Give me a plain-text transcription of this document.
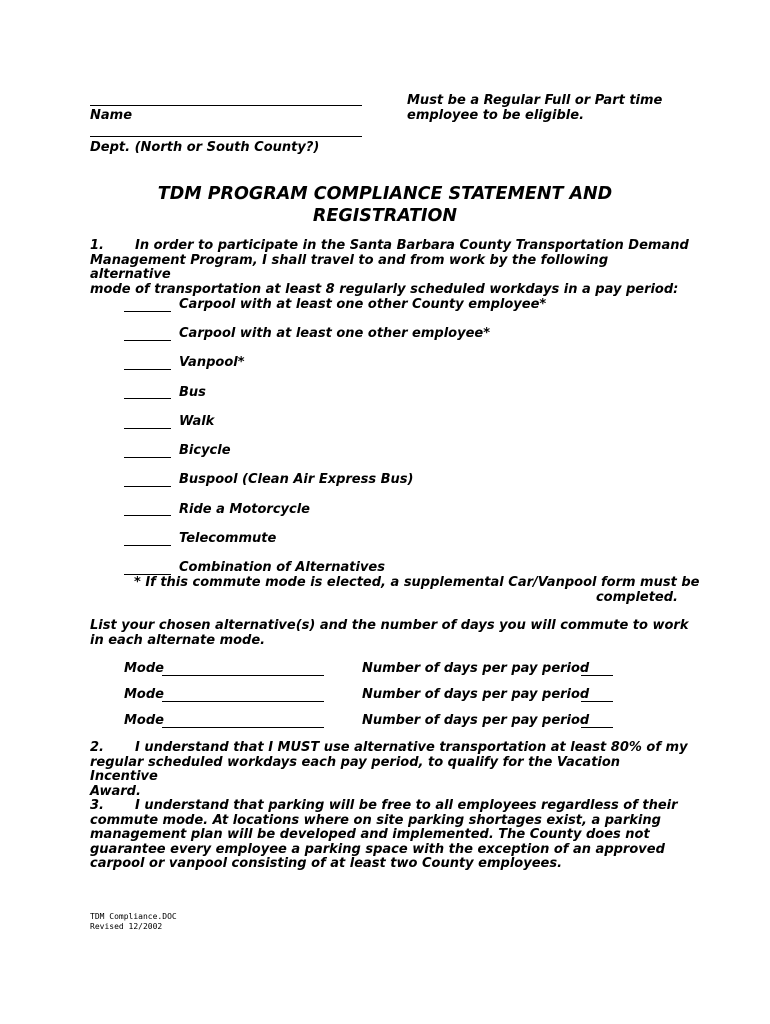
Name
Dept. (North or South County?)
Must be a Regular Full or Part time
employee to be eligible.
TDM PROGRAM COMPLIANCE STATEMENT AND
REGISTRATION
1. In order to participate in the Santa Barbara County Transportation Demand
Management Program, I shall travel to and from work by the following alternative
mode of transportation at least 8 regularly scheduled workdays in a pay period:
Carpool with at least one other County employee*
Carpool with at least one other employee*
Vanpool*
Bus
Walk
Bicycle
Buspool (Clean Air Express Bus)
Ride a Motorcycle
Telecommute
Combination of Alternatives
* If this commute mode is elected, a supplemental Car/Vanpool form must be
completed.
List your chosen alternative(s) and the number of days you will commute to work
in each alternate mode.
Mode	Number of days per pay period
Mode	Number of days per pay period
Mode	Number of days per pay period
2. I understand that I MUST use alternative transportation at least 80% of my
regular scheduled workdays each pay period, to qualify for the Vacation Incentive
Award.
3. I understand that parking will be free to all employees regardless of their
commute mode. At locations where on site parking shortages exist, a parking
management plan will be developed and implemented. The County does not
guarantee every employee a parking space with the exception of an approved
carpool or vanpool consisting of at least two County employees.
TDM Compliance.DOC
Revised 12/2002
